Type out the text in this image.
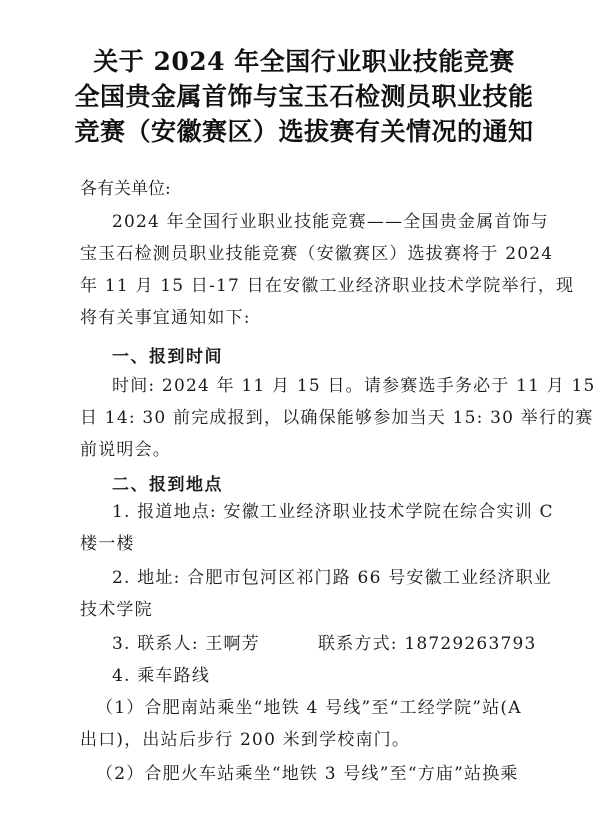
关于 2024 年全国行业职业技能竞赛
全国贵金属首饰与宝玉石检测员职业技能
竞赛（安徽赛区）选拔赛有关情况的通知
各有关单位:
2024 年全国行业职业技能竞赛——全国贵金属首饰与
宝玉石检测员职业技能竞赛（安徽赛区）选拔赛将于 2024
年 11 月 15 日-17 日在安徽工业经济职业技术学院举行，现
将有关事宜通知如下:
一、报到时间
时间: 2024 年 11 月 15 日。请参赛选手务必于 11 月 15
日 14: 30 前完成报到，以确保能够参加当天 15: 30 举行的赛
前说明会。
二、报到地点
1. 报道地点: 安徽工业经济职业技术学院在综合实训 C
楼一楼
2. 地址: 合肥市包河区祁门路 66 号安徽工业经济职业
技术学院
3. 联系人: 王啊芳	联系方式: 18729263793
4. 乘车路线
（1）合肥南站乘坐“地铁 4 号线”至“工经学院”站(A
出口)，出站后步行 200 米到学校南门。
（2）合肥火车站乘坐“地铁 3 号线”至“方庙”站换乘
